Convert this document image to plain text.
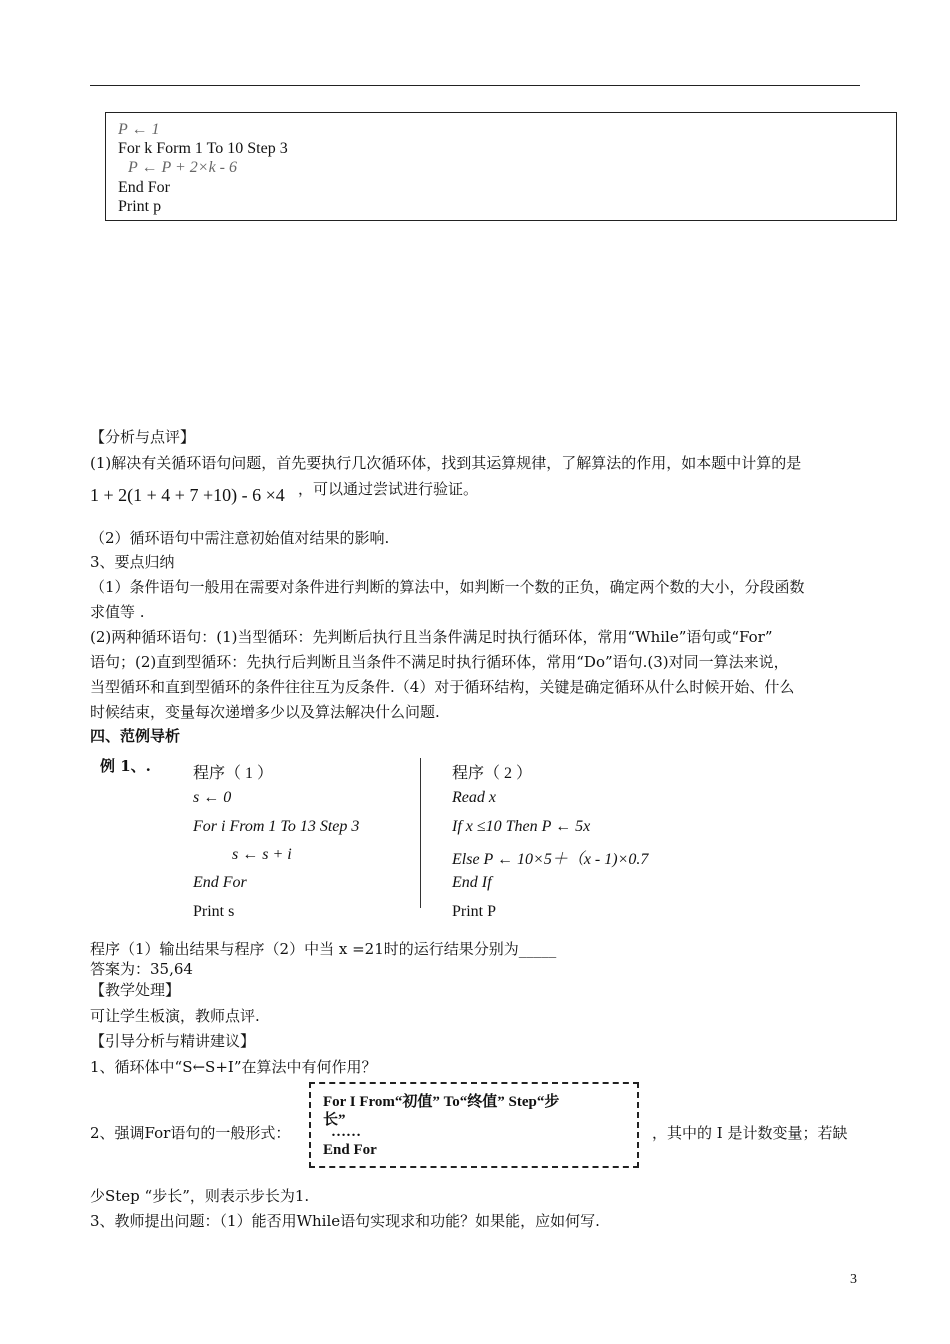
P ← 1
For k Form 1 To 10 Step 3
P ← P + 2×k - 6
End For
Print p
【分析与点评】
(1)解决有关循环语句问题，首先要执行几次循环体，找到其运算规律，了解算法的作用，如本题中计算的是
1 + 2(1 + 4 + 7 +10) - 6 ×4 ，可以通过尝试进行验证。
（2）循环语句中需注意初始值对结果的影响.
3、要点归纳
（1）条件语句一般用在需要对条件进行判断的算法中，如判断一个数的正负，确定两个数的大小，分段函数
求值等 .
(2)两种循环语句：(1)当型循环：先判断后执行且当条件满足时执行循环体，常用“While”语句或“For”
语句；(2)直到型循环：先执行后判断且当条件不满足时执行循环体，常用“Do”语句.(3)对同一算法来说，
当型循环和直到型循环的条件往往互为反条件.（4）对于循环结构，关键是确定循环从什么时候开始、什么
时候结束，变量每次递增多少以及算法解决什么问题.
四、范例导析
例 1、.	程序（ 1 ）
s ← 0
For i From 1 To 13 Step 3
s ← s + i
End For
Print s
程序（ 2 ）
Read x
If x ≤10 Then P ← 5x
Else P ← 10×5＋（x - 1)×0.7
End If
Print P
程序（1）输出结果与程序（2）中当 x =21时的运行结果分别为_____
答案为：35,64
【教学处理】
可让学生板演，教师点评.
【引导分析与精讲建议】
1、循环体中“S←S+I”在算法中有何作用？
2、强调For语句的一般形式：
For I From“初值” To“终值” Step“步
长”
……
End For
，其中的 I 是计数变量；若缺
少Step “步长”，则表示步长为1.
3、教师提出问题：（1）能否用While语句实现求和功能？如果能，应如何写.
3
